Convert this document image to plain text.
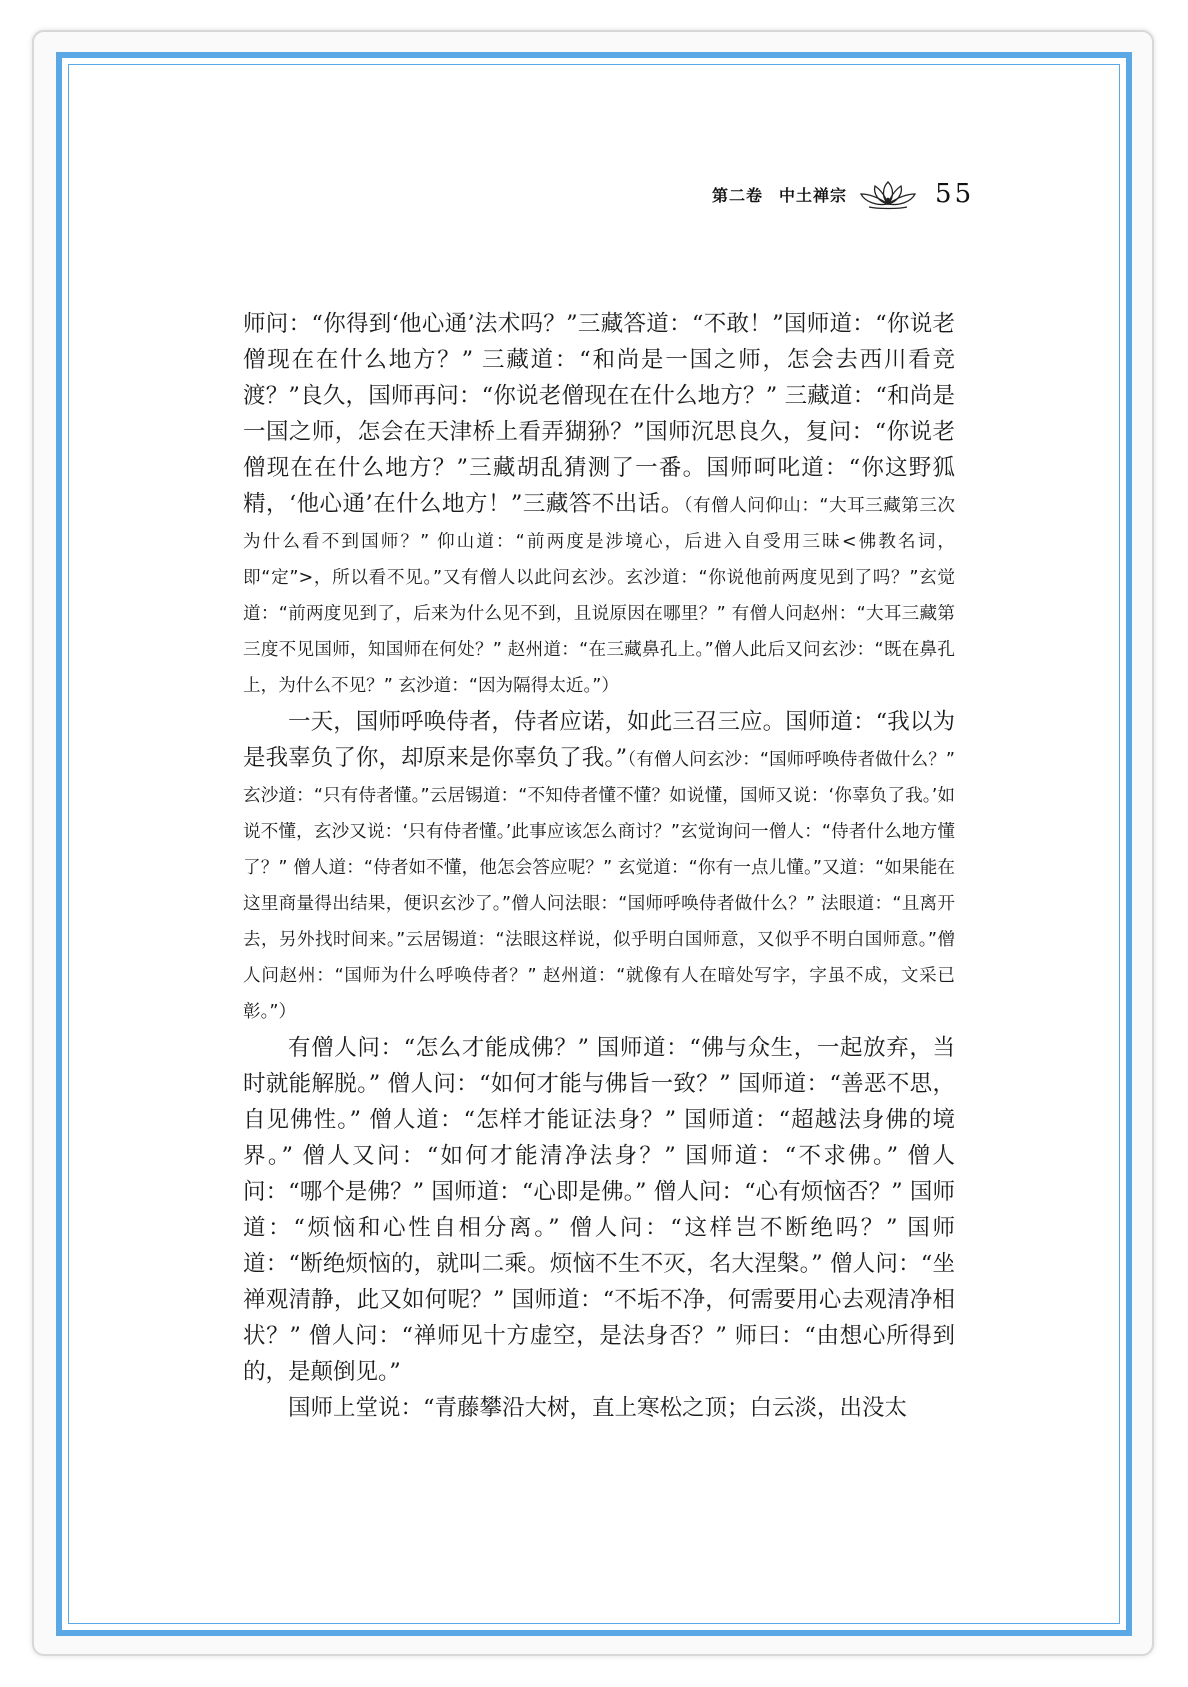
第二卷 中土禅宗	55

师问：“你得到‘他心通’法术吗？”三藏答道：“不敢！”国师道：“你说老僧现在在什么地方？” 三藏道：“和尚是一国之师，怎会去西川看竞渡？”良久，国师再问：“你说老僧现在在什么地方？” 三藏道：“和尚是一国之师，怎会在天津桥上看弄猢狲？”国师沉思良久，复问：“你说老僧现在在什么地方？”三藏胡乱猜测了一番。国师呵叱道：“你这野狐精，‘他心通’在什么地方！”三藏答不出话。（有僧人问仰山：“大耳三藏第三次为什么看不到国师？” 仰山道：“前两度是涉境心，后进入自受用三昧<佛教名词，即“定”>，所以看不见。”又有僧人以此问玄沙。玄沙道：“你说他前两度见到了吗？”玄觉道：“前两度见到了，后来为什么见不到，且说原因在哪里？” 有僧人问赵州：“大耳三藏第三度不见国师，知国师在何处？” 赵州道：“在三藏鼻孔上。”僧人此后又问玄沙：“既在鼻孔上，为什么不见？” 玄沙道：“因为隔得太近。”）

一天，国师呼唤侍者，侍者应诺，如此三召三应。国师道：“我以为是我辜负了你，却原来是你辜负了我。”（有僧人问玄沙：“国师呼唤侍者做什么？” 玄沙道：“只有侍者懂。”云居锡道：“不知侍者懂不懂？如说懂，国师又说：‘你辜负了我。’如说不懂，玄沙又说：‘只有侍者懂。’此事应该怎么商讨？”玄觉询问一僧人：“侍者什么地方懂了？” 僧人道：“侍者如不懂，他怎会答应呢？” 玄觉道：“你有一点儿懂。”又道：“如果能在这里商量得出结果，便识玄沙了。”僧人问法眼：“国师呼唤侍者做什么？” 法眼道：“且离开去，另外找时间来。”云居锡道：“法眼这样说，似乎明白国师意，又似乎不明白国师意。”僧人问赵州：“国师为什么呼唤侍者？” 赵州道：“就像有人在暗处写字，字虽不成，文采已彰。”）

有僧人问：“怎么才能成佛？” 国师道：“佛与众生，一起放弃，当时就能解脱。” 僧人问：“如何才能与佛旨一致？” 国师道：“善恶不思，自见佛性。” 僧人道：“怎样才能证法身？” 国师道：“超越法身佛的境界。” 僧人又问：“如何才能清净法身？” 国师道：“不求佛。” 僧人问：“哪个是佛？” 国师道：“心即是佛。” 僧人问：“心有烦恼否？” 国师道：“烦恼和心性自相分离。” 僧人问：“这样岂不断绝吗？” 国师道：“断绝烦恼的，就叫二乘。烦恼不生不灭，名大涅槃。” 僧人问：“坐禅观清静，此又如何呢？” 国师道：“不垢不净，何需要用心去观清净相状？” 僧人问：“禅师见十方虚空，是法身否？” 师曰：“由想心所得到的，是颠倒见。”

国师上堂说：“青藤攀沿大树，直上寒松之顶；白云淡，出没太
